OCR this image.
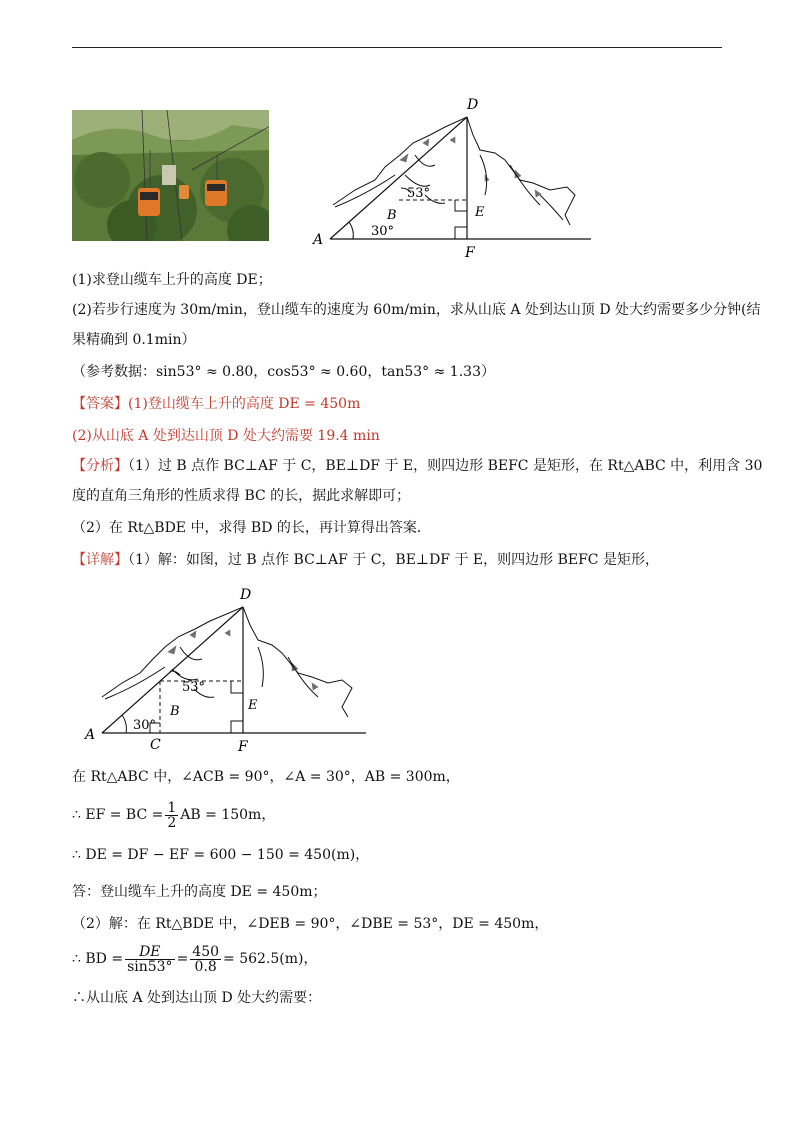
D
B	E
A
F
53°
30°
(1)求登山缆车上升的高度 DE；
(2)若步行速度为 30m/min，登山缆车的速度为 60m/min，求从山底 A 处到达山顶 D 处大约需要多少分钟(结
果精确到 0.1min）
（参考数据：sin53° ≈ 0.80，cos53° ≈ 0.60，tan53° ≈ 1.33）
【答案】(1)登山缆车上升的高度 DE = 450m
(2)从山底 A 处到达山顶 D 处大约需要 19.4 min
【分析】（1）过 B 点作 BC⊥AF 于 C，BE⊥DF 于 E，则四边形 BEFC 是矩形，在 Rt△ABC 中，利用含 30
度的直角三角形的性质求得 BC 的长，据此求解即可；
（2）在 Rt△BDE 中，求得 BD 的长，再计算得出答案．
【详解】（1）解：如图，过 B 点作 BC⊥AF 于 C，BE⊥DF 于 E，则四边形 BEFC 是矩形，
D
B	E
A
C	F
53°
30°
在 Rt△ABC 中，∠ACB = 90°，∠A = 30°，AB = 300m，
∴ EF = BC = $\frac{1}{2}$ AB = 150m，
∴ DE = DF − EF = 600 − 150 = 450(m)，
答：登山缆车上升的高度 DE = 450m；
（2）解：在 Rt△BDE 中，∠DEB = 90°，∠DBE = 53°，DE = 450m，
∴ BD = $\frac{DE}{\sin 53^\circ} = \frac{450}{0.8} = 562.5(m)$，
∴从山底 A 处到达山顶 D 处大约需要：
